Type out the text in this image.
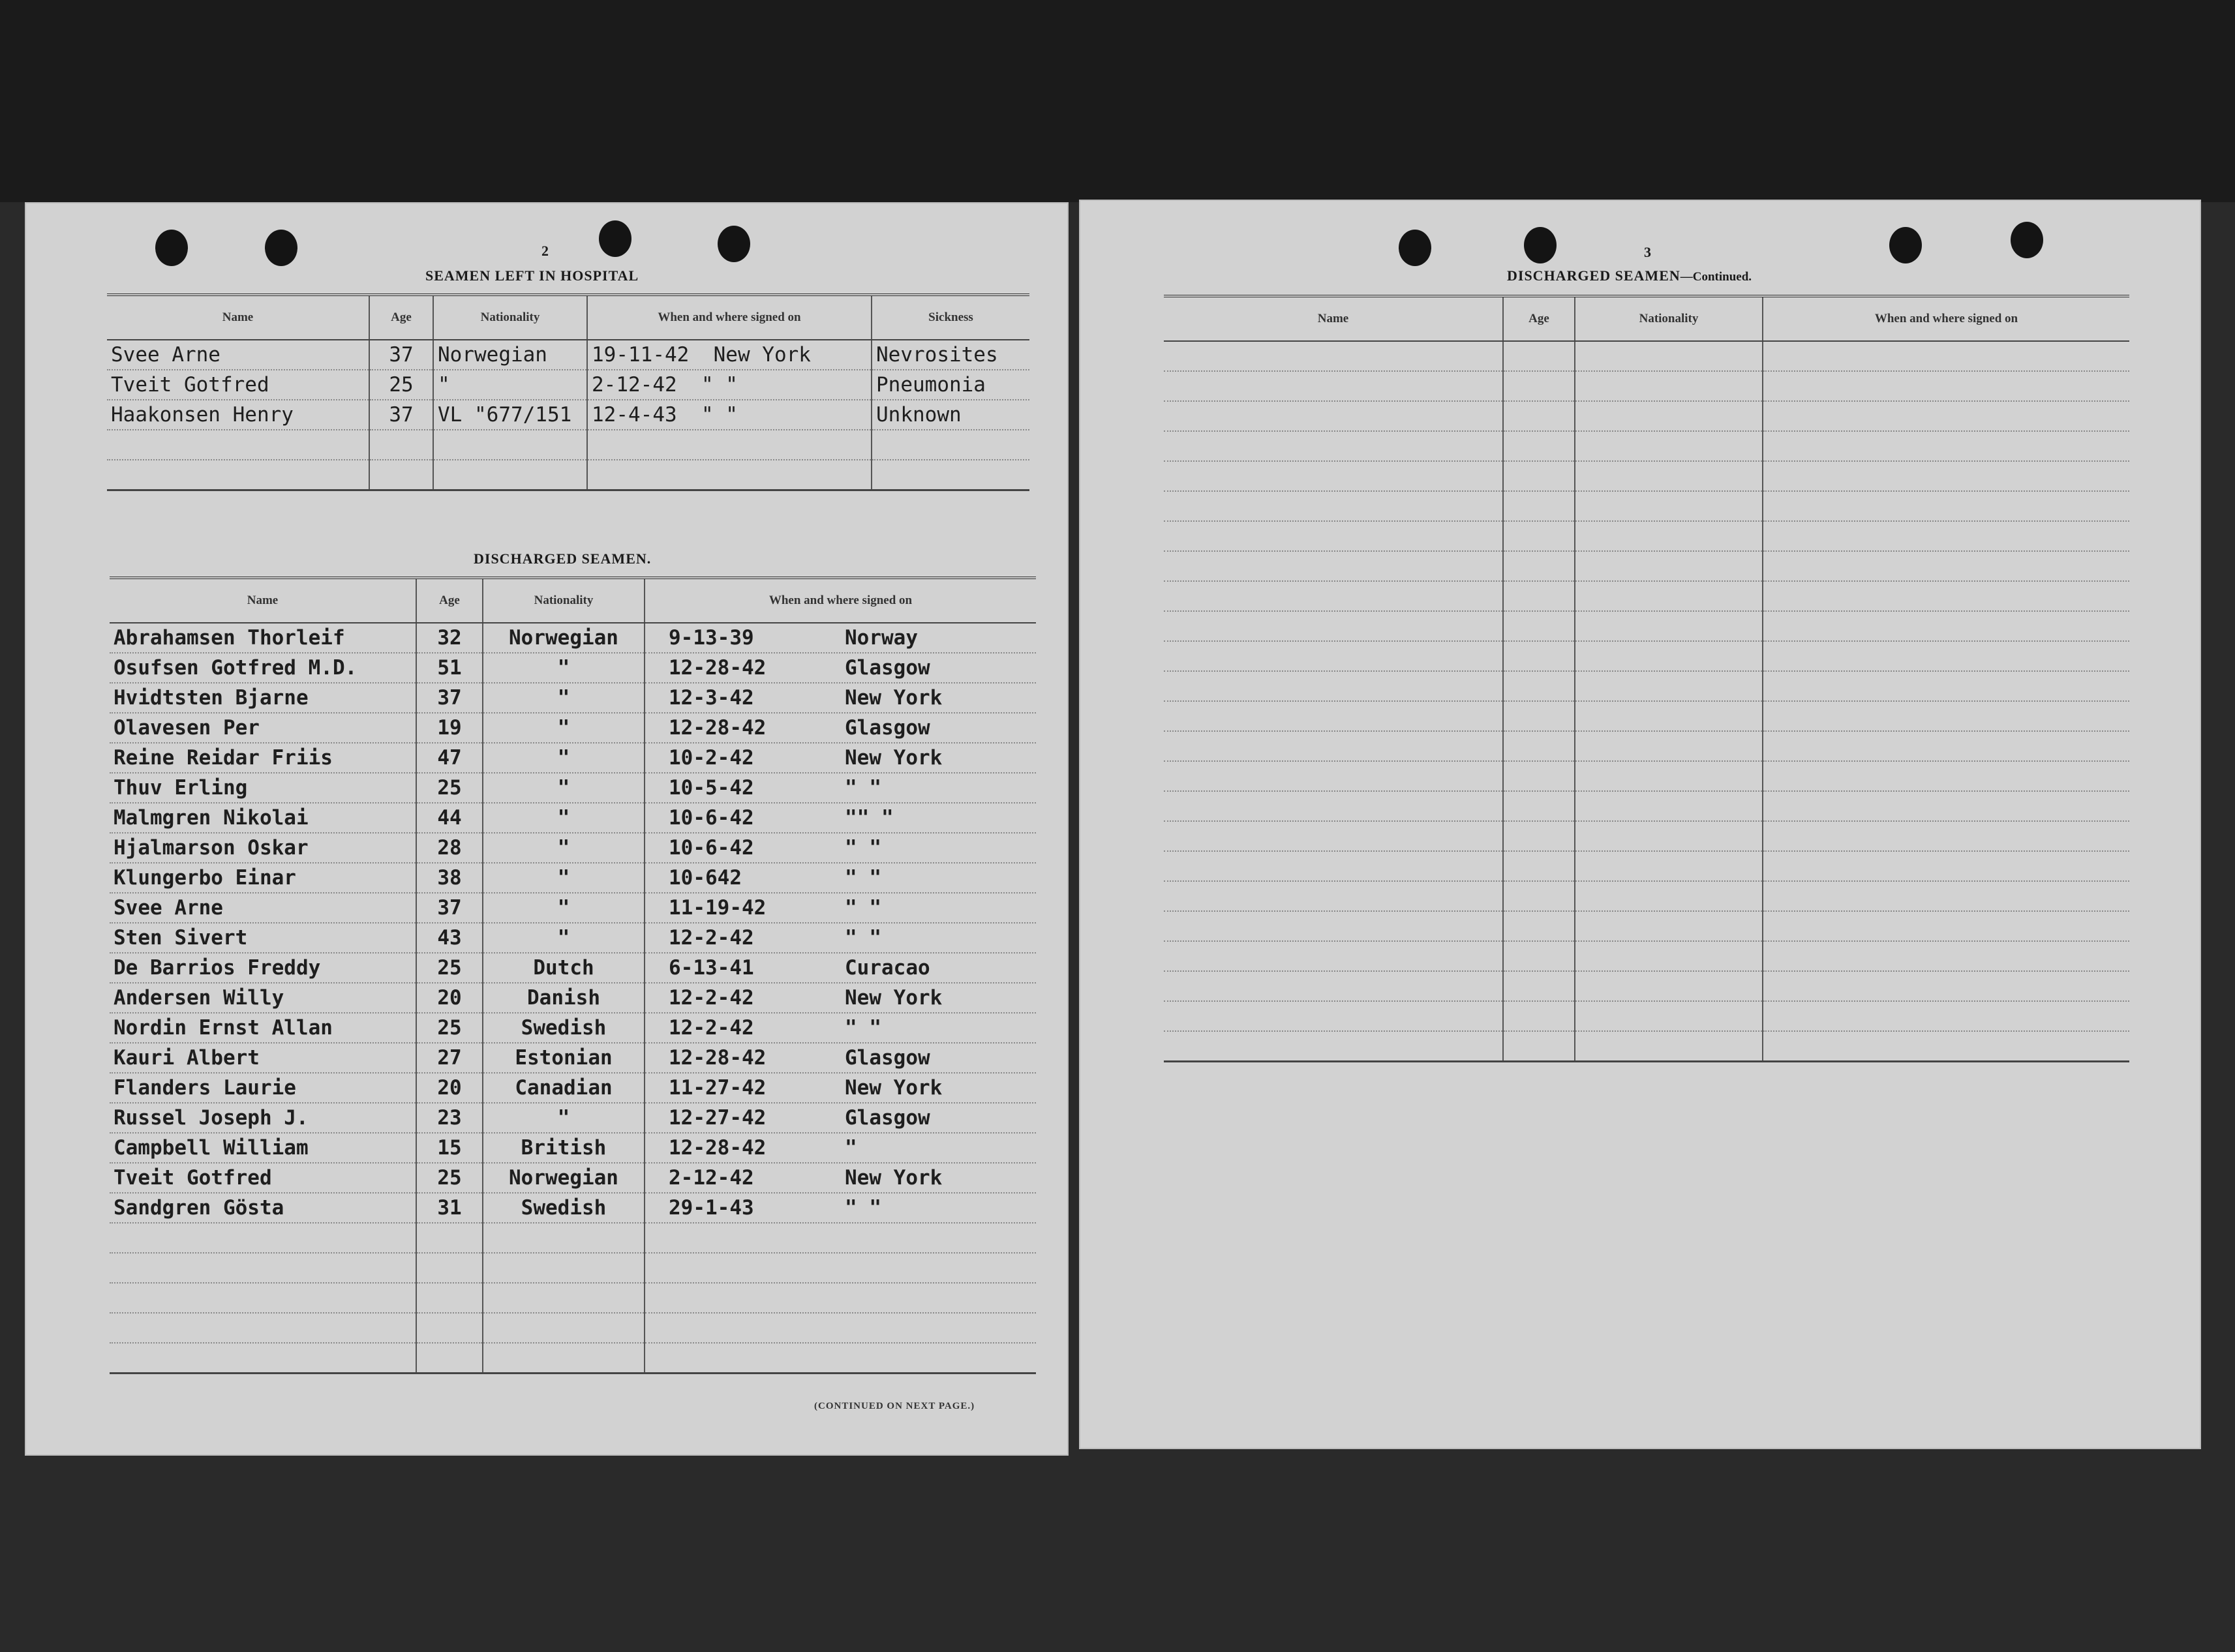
2
SEAMEN LEFT IN HOSPITAL
Name	Age	Nationality	When and where signed on	Sickness
Svee Arne	37	Norwegian	19-11-42 New York	Nevrosites
Tveit Gotfred	25	"	2-12-42 " "	Pneumonia
Haakonsen Henry	37	VL "677/151	12-4-43 " "	Unknown

DISCHARGED SEAMEN.
Name	Age	Nationality	When and where signed on
Abrahamsen Thorleif	32	Norwegian	9-13-39 Norway
Osufsen Gotfred M.D.	51	"	12-28-42 Glasgow
Hvidtsten Bjarne	37	"	12-3-42 New York
Olavesen Per	19	"	12-28-42 Glasgow
Reine Reidar Friis	47	"	10-2-42 New York
Thuv Erling	25	"	10-5-42 " "
Malmgren Nikolai	44	"	10-6-42 "" "
Hjalmarson Oskar	28	"	10-6-42 " "
Klungerbo Einar	38	"	10-642 " "
Svee Arne	37	"	11-19-42 " "
Sten Sivert	43	"	12-2-42 " "
De Barrios Freddy	25	Dutch	6-13-41 Curacao
Andersen Willy	20	Danish	12-2-42 New York
Nordin Ernst Allan	25	Swedish	12-2-42 " "
Kauri Albert	27	Estonian	12-28-42 Glasgow
Flanders Laurie	20	Canadian	11-27-42 New York
Russel Joseph J.	23	"	12-27-42 Glasgow
Campbell William	15	British	12-28-42 "
Tveit Gotfred	25	Norwegian	2-12-42 New York
Sandgren Gösta	31	Swedish	29-1-43 " "

(CONTINUED ON NEXT PAGE.)
3
DISCHARGED SEAMEN—Continued.
Name	Age	Nationality	When and where signed on
